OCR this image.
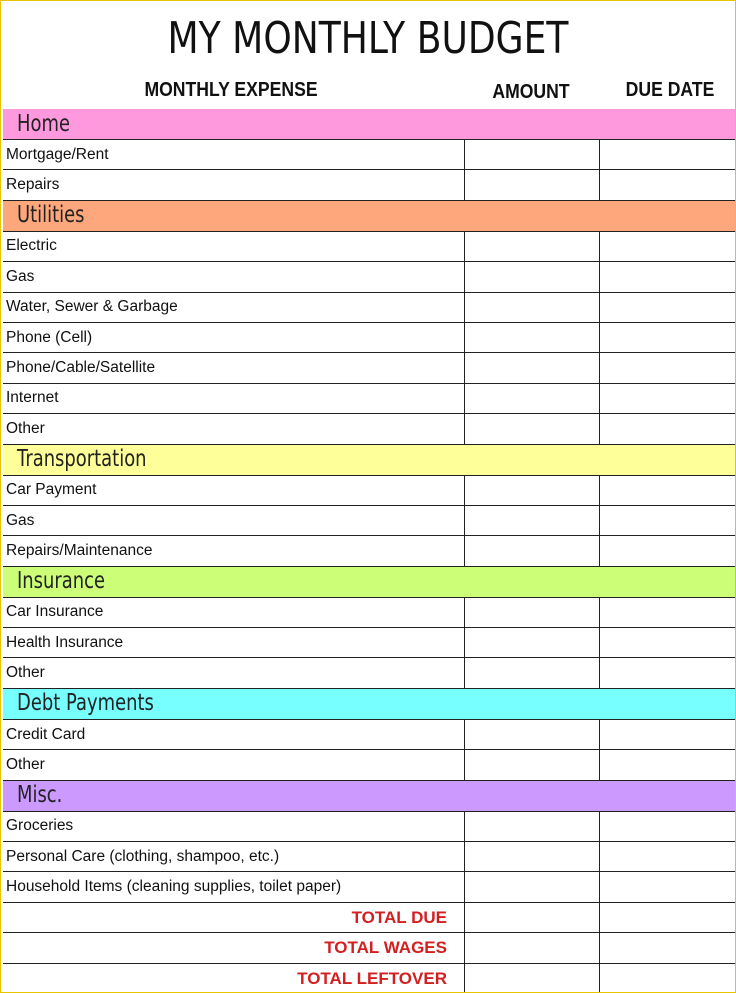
MY MONTHLY BUDGET
MONTHLY EXPENSE	AMOUNT	DUE DATE
Home
Mortgage/Rent
Repairs
Utilities
Electric
Gas
Water, Sewer & Garbage
Phone (Cell)
Phone/Cable/Satellite
Internet
Other
Transportation
Car Payment
Gas
Repairs/Maintenance
Insurance
Car Insurance
Health Insurance
Other
Debt Payments
Credit Card
Other
Misc.
Groceries
Personal Care (clothing, shampoo, etc.)
Household Items (cleaning supplies, toilet paper)
TOTAL DUE
TOTAL WAGES
TOTAL LEFTOVER
